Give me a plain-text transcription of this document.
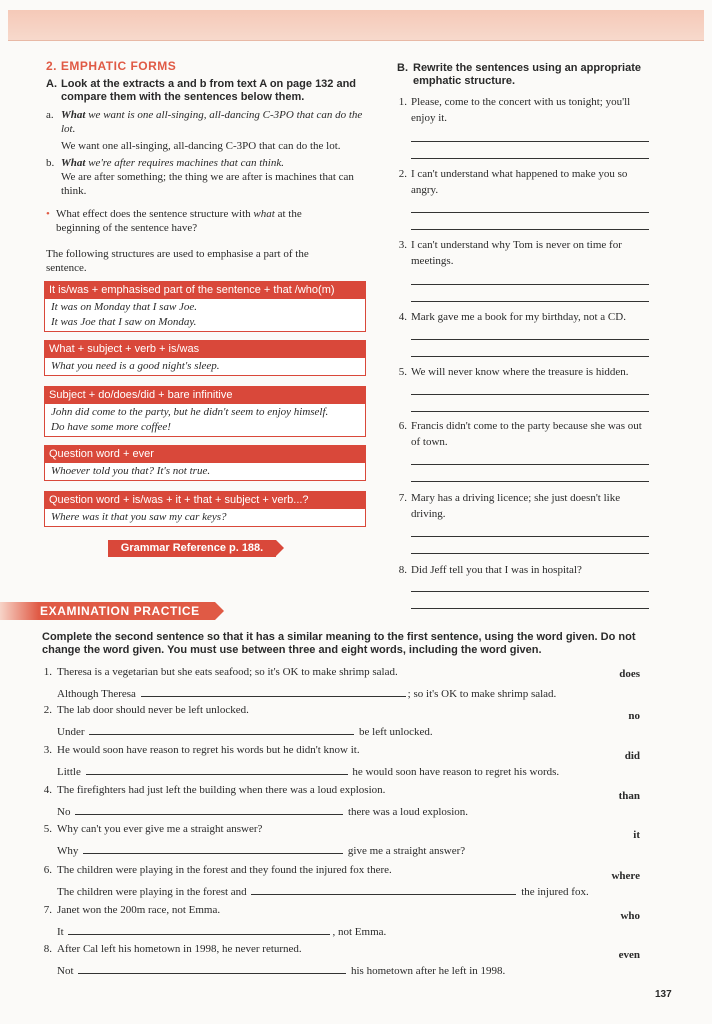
2. EMPHATIC FORMS
A. Look at the extracts a and b from text A on page 132 and compare them with the sentences below them.
a. What we want is one all-singing, all-dancing C-3PO that can do the lot.
We want one all-singing, all-dancing C-3PO that can do the lot.
b. What we're after requires machines that can think.
We are after something; the thing we are after is machines that can think.
• What effect does the sentence structure with what at the beginning of the sentence have?
The following structures are used to emphasise a part of the sentence.
It is/was + emphasised part of the sentence + that /who(m)
It was on Monday that I saw Joe.
It was Joe that I saw on Monday.
What + subject + verb + is/was
What you need is a good night's sleep.
Subject + do/does/did + bare infinitive
John did come to the party, but he didn't seem to enjoy himself.
Do have some more coffee!
Question word + ever
Whoever told you that? It's not true.
Question word + is/was + it + that + subject + verb...?
Where was it that you saw my car keys?
Grammar Reference p. 188.
B. Rewrite the sentences using an appropriate emphatic structure.
1. Please, come to the concert with us tonight; you'll enjoy it.
2. I can't understand what happened to make you so angry.
3. I can't understand why Tom is never on time for meetings.
4. Mark gave me a book for my birthday, not a CD.
5. We will never know where the treasure is hidden.
6. Francis didn't come to the party because she was out of town.
7. Mary has a driving licence; she just doesn't like driving.
8. Did Jeff tell you that I was in hospital?
EXAMINATION PRACTICE
Complete the second sentence so that it has a similar meaning to the first sentence, using the word given. Do not change the word given. You must use between three and eight words, including the word given.
1. Theresa is a vegetarian but she eats seafood; so it's OK to make shrimp salad.
Although Theresa	; so it's OK to make shrimp salad.
does
2. The lab door should never be left unlocked.
Under	be left unlocked.
no
3. He would soon have reason to regret his words but he didn't know it.
Little	he would soon have reason to regret his words.
did
4. The firefighters had just left the building when there was a loud explosion.
No	there was a loud explosion.
than
5. Why can't you ever give me a straight answer?
Why	give me a straight answer?
it
6. The children were playing in the forest and they found the injured fox there.
The children were playing in the forest and	the injured fox.
where
7. Janet won the 200m race, not Emma.
It	, not Emma.
who
8. After Cal left his hometown in 1998, he never returned.
Not	his hometown after he left in 1998.
even
137
